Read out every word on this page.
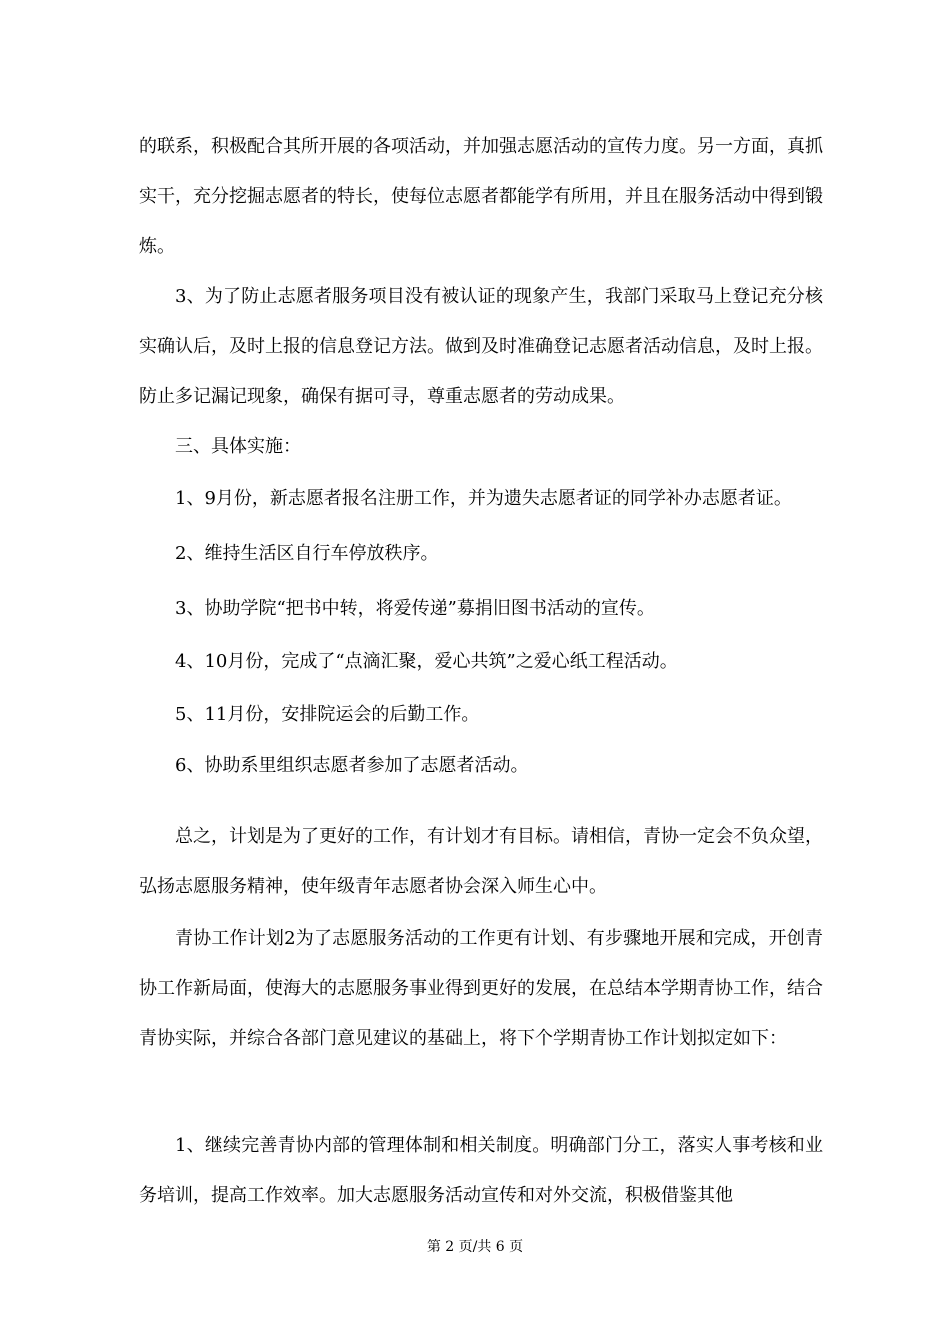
的联系，积极配合其所开展的各项活动，并加强志愿活动的宣传力度。另一方面，真抓实干，充分挖掘志愿者的特长，使每位志愿者都能学有所用，并且在服务活动中得到锻炼。

3、为了防止志愿者服务项目没有被认证的现象产生，我部门采取马上登记充分核实确认后，及时上报的信息登记方法。做到及时准确登记志愿者活动信息，及时上报。防止多记漏记现象，确保有据可寻，尊重志愿者的劳动成果。

三、具体实施：

1、9月份，新志愿者报名注册工作，并为遗失志愿者证的同学补办志愿者证。

2、维持生活区自行车停放秩序。

3、协助学院“把书中转，将爱传递”募捐旧图书活动的宣传。

4、10月份，完成了“点滴汇聚，爱心共筑”之爱心纸工程活动。

5、11月份，安排院运会的后勤工作。

6、协助系里组织志愿者参加了志愿者活动。

总之，计划是为了更好的工作，有计划才有目标。请相信，青协一定会不负众望，弘扬志愿服务精神，使年级青年志愿者协会深入师生心中。

青协工作计划2为了志愿服务活动的工作更有计划、有步骤地开展和完成，开创青协工作新局面，使海大的志愿服务事业得到更好的发展，在总结本学期青协工作，结合青协实际，并综合各部门意见建议的基础上，将下个学期青协工作计划拟定如下：

1、继续完善青协内部的管理体制和相关制度。明确部门分工，落实人事考核和业务培训，提高工作效率。加大志愿服务活动宣传和对外交流，积极借鉴其他

第 2 页/共 6 页
